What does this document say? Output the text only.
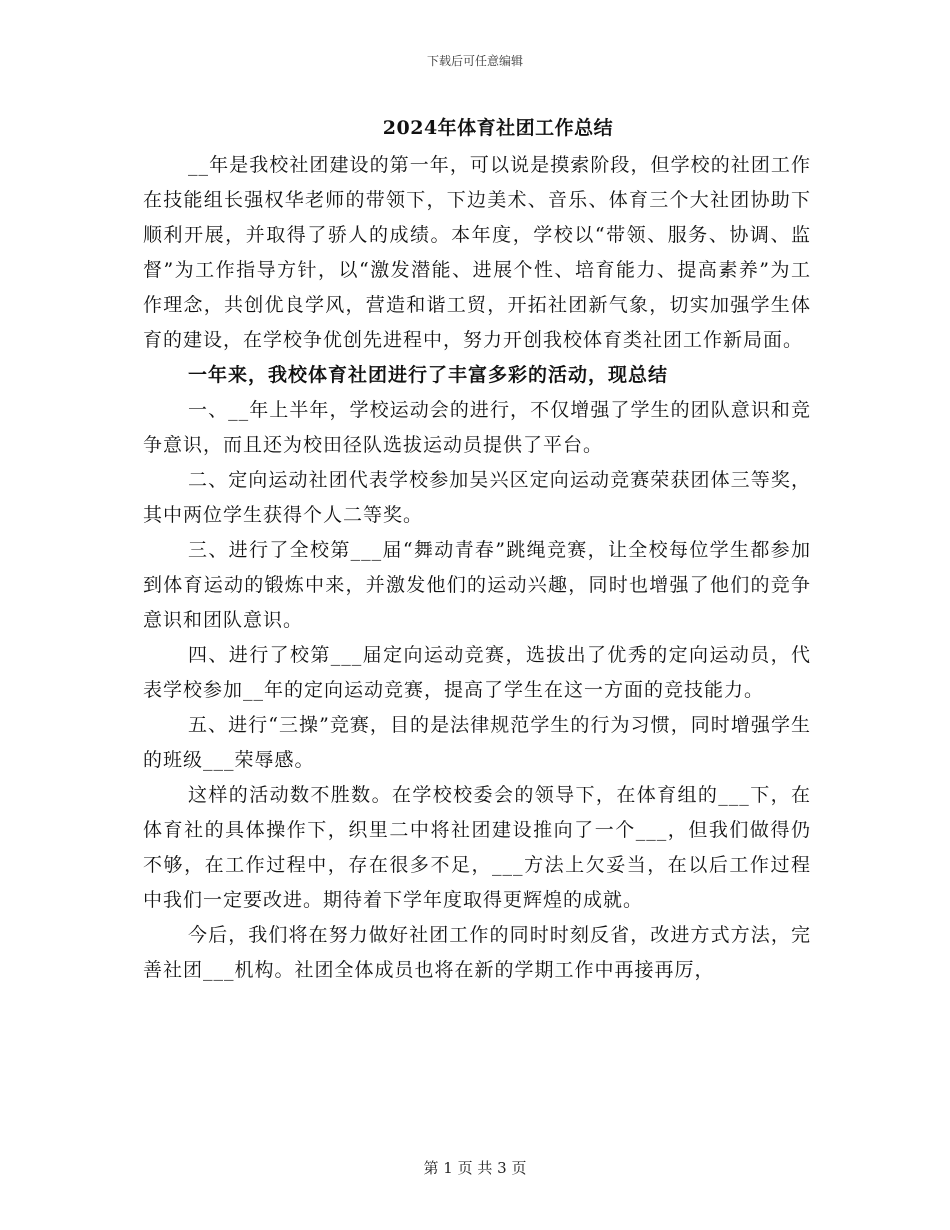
下载后可任意编辑
2024年体育社团工作总结

__年是我校社团建设的第一年，可以说是摸索阶段，但学校的社团工作在技能组长强权华老师的带领下，下边美术、音乐、体育三个大社团协助下顺利开展，并取得了骄人的成绩。本年度，学校以“带领、服务、协调、监督”为工作指导方针，以“激发潜能、进展个性、培育能力、提高素养”为工作理念，共创优良学风，营造和谐工贸，开拓社团新气象，切实加强学生体育的建设，在学校争优创先进程中，努力开创我校体育类社团工作新局面。

一年来，我校体育社团进行了丰富多彩的活动，现总结

一、__年上半年，学校运动会的进行，不仅增强了学生的团队意识和竞争意识，而且还为校田径队选拔运动员提供了平台。

二、定向运动社团代表学校参加吴兴区定向运动竞赛荣获团体三等奖，其中两位学生获得个人二等奖。

三、进行了全校第___届“舞动青春”跳绳竞赛，让全校每位学生都参加到体育运动的锻炼中来，并激发他们的运动兴趣，同时也增强了他们的竞争意识和团队意识。

四、进行了校第___届定向运动竞赛，选拔出了优秀的定向运动员，代表学校参加__年的定向运动竞赛，提高了学生在这一方面的竞技能力。

五、进行“三操”竞赛，目的是法律规范学生的行为习惯，同时增强学生的班级___荣辱感。

这样的活动数不胜数。在学校校委会的领导下，在体育组的___下，在体育社的具体操作下，织里二中将社团建设推向了一个___，但我们做得仍不够，在工作过程中，存在很多不足，___方法上欠妥当，在以后工作过程中我们一定要改进。期待着下学年度取得更辉煌的成就。

今后，我们将在努力做好社团工作的同时时刻反省，改进方式方法，完善社团___机构。社团全体成员也将在新的学期工作中再接再厉，

第 1 页 共 3 页
